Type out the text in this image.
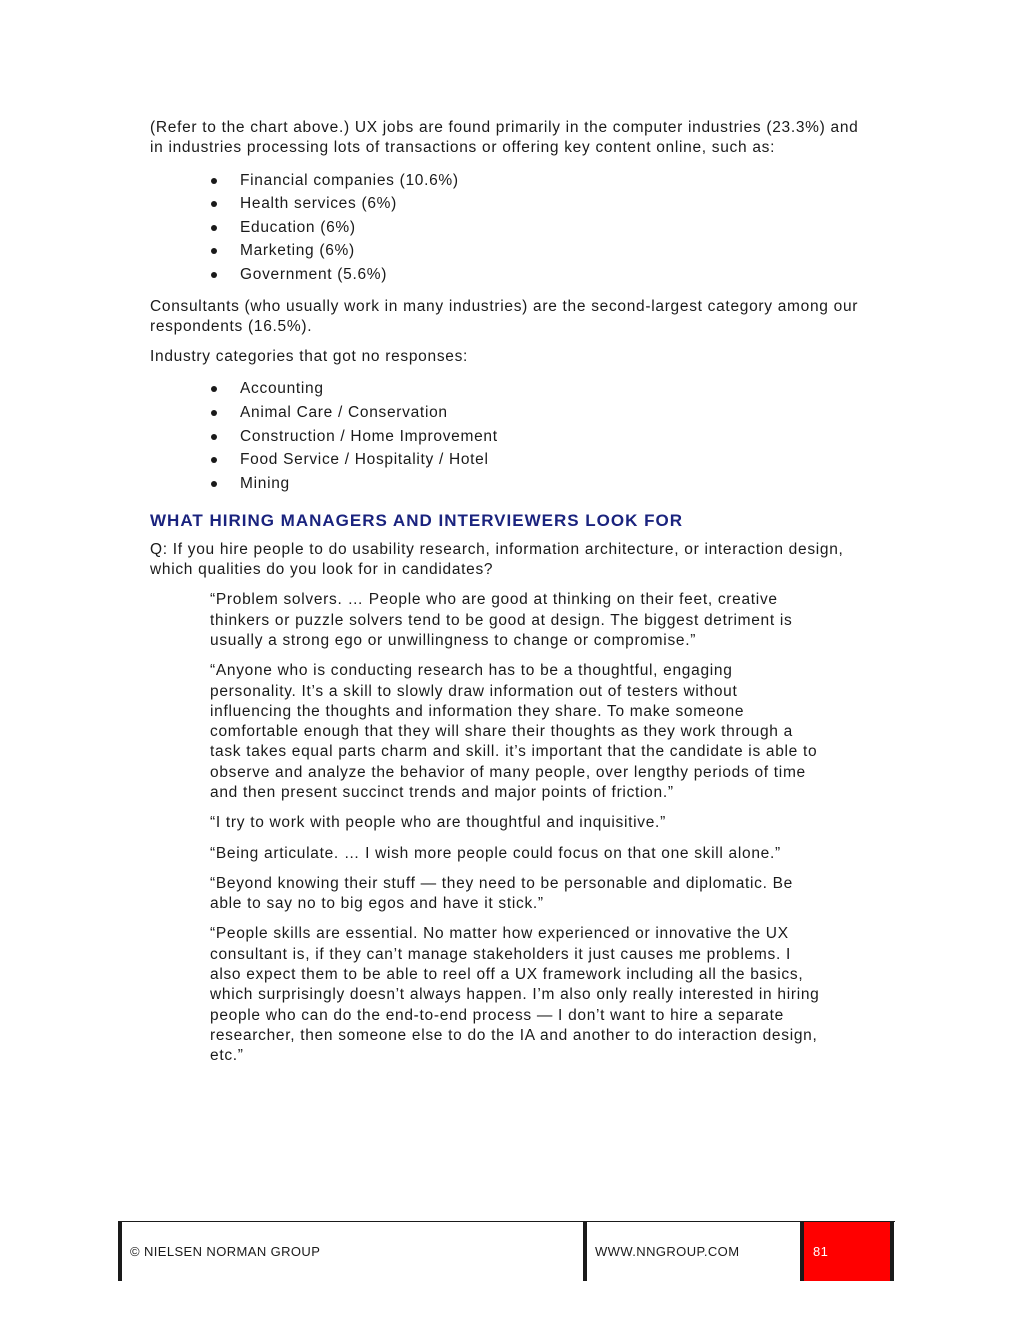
(Refer to the chart above.) UX jobs are found primarily in the computer industries (23.3%) and in industries processing lots of transactions or offering key content online, such as:

Financial companies (10.6%)
Health services (6%)
Education (6%)
Marketing (6%)
Government (5.6%)

Consultants (who usually work in many industries) are the second-largest category among our respondents (16.5%).

Industry categories that got no responses:

Accounting
Animal Care / Conservation
Construction / Home Improvement
Food Service / Hospitality / Hotel
Mining
WHAT HIRING MANAGERS AND INTERVIEWERS LOOK FOR

Q: If you hire people to do usability research, information architecture, or interaction design, which qualities do you look for in candidates?

“Problem solvers. … People who are good at thinking on their feet, creative thinkers or puzzle solvers tend to be good at design. The biggest detriment is usually a strong ego or unwillingness to change or compromise.”

“Anyone who is conducting research has to be a thoughtful, engaging personality. It’s a skill to slowly draw information out of testers without influencing the thoughts and information they share. To make someone comfortable enough that they will share their thoughts as they work through a task takes equal parts charm and skill. it’s important that the candidate is able to observe and analyze the behavior of many people, over lengthy periods of time and then present succinct trends and major points of friction.”

“I try to work with people who are thoughtful and inquisitive.”

“Being articulate. … I wish more people could focus on that one skill alone.”

“Beyond knowing their stuff — they need to be personable and diplomatic. Be able to say no to big egos and have it stick.”

“People skills are essential. No matter how experienced or innovative the UX consultant is, if they can’t manage stakeholders it just causes me problems. I also expect them to be able to reel off a UX framework including all the basics, which surprisingly doesn’t always happen. I’m also only really interested in hiring people who can do the end-to-end process — I don’t want to hire a separate researcher, then someone else to do the IA and another to do interaction design, etc.”

© NIELSEN NORMAN GROUP	WWW.NNGROUP.COM	81
